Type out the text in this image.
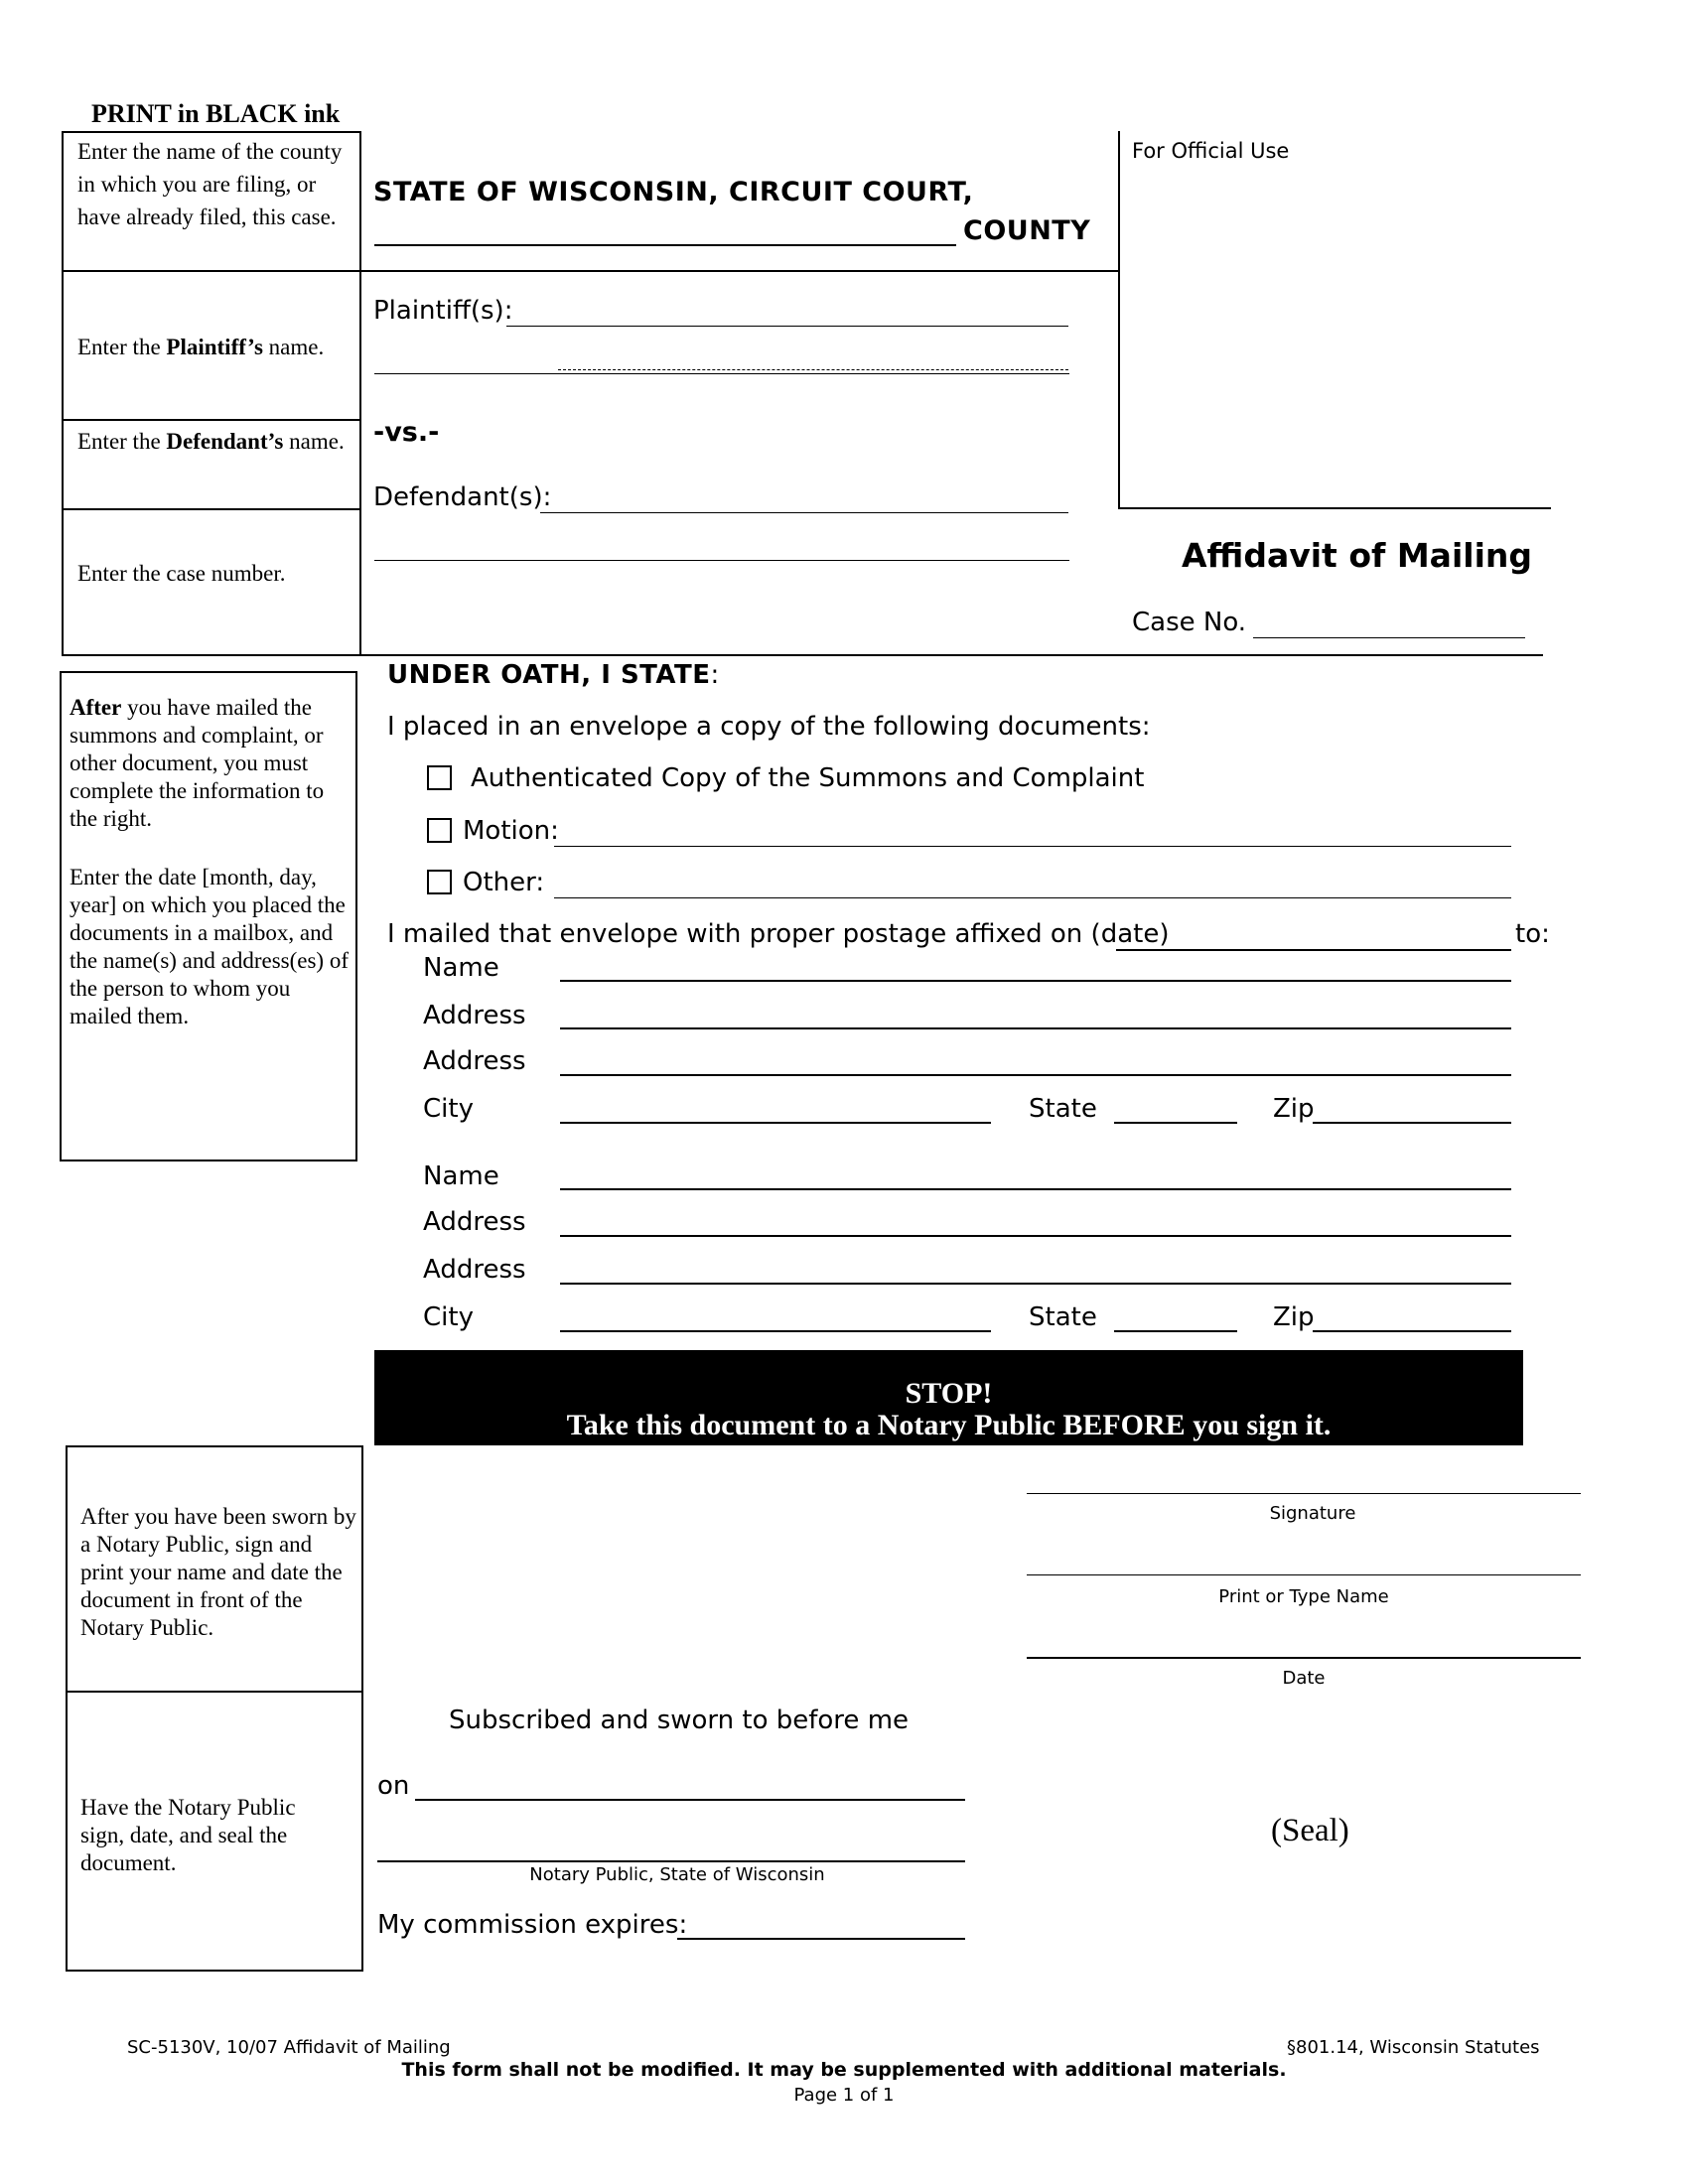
PRINT in BLACK ink
Enter the name of the county in which you are filing, or have already filed, this case.
Enter the Plaintiff’s name.
Enter the Defendant’s name.
Enter the case number.
STATE OF WISCONSIN, CIRCUIT COURT,
COUNTY
For Official Use
Plaintiff(s):
-vs.-
Defendant(s):
Affidavit of Mailing
Case No.
After you have mailed the summons and complaint, or other document, you must complete the information to the right.
Enter the date [month, day, year] on which you placed the documents in a mailbox, and the name(s) and address(es) of the person to whom you mailed them.
UNDER OATH, I STATE:
I placed in an envelope a copy of the following documents:
Authenticated Copy of the Summons and Complaint
Motion:
Other:
I mailed that envelope with proper postage affixed on (date)	to:
Name
Address
Address
City	State	Zip
Name
Address
Address
City	State	Zip
STOP!
Take this document to a Notary Public BEFORE you sign it.
After you have been sworn by a Notary Public, sign and print your name and date the document in front of the Notary Public.
Have the Notary Public sign, date, and seal the document.
Signature
Print or Type Name
Date
Subscribed and sworn to before me
on
Notary Public, State of Wisconsin
My commission expires:
(Seal)
SC-5130V, 10/07 Affidavit of Mailing	§801.14, Wisconsin Statutes
This form shall not be modified. It may be supplemented with additional materials.
Page 1 of 1
